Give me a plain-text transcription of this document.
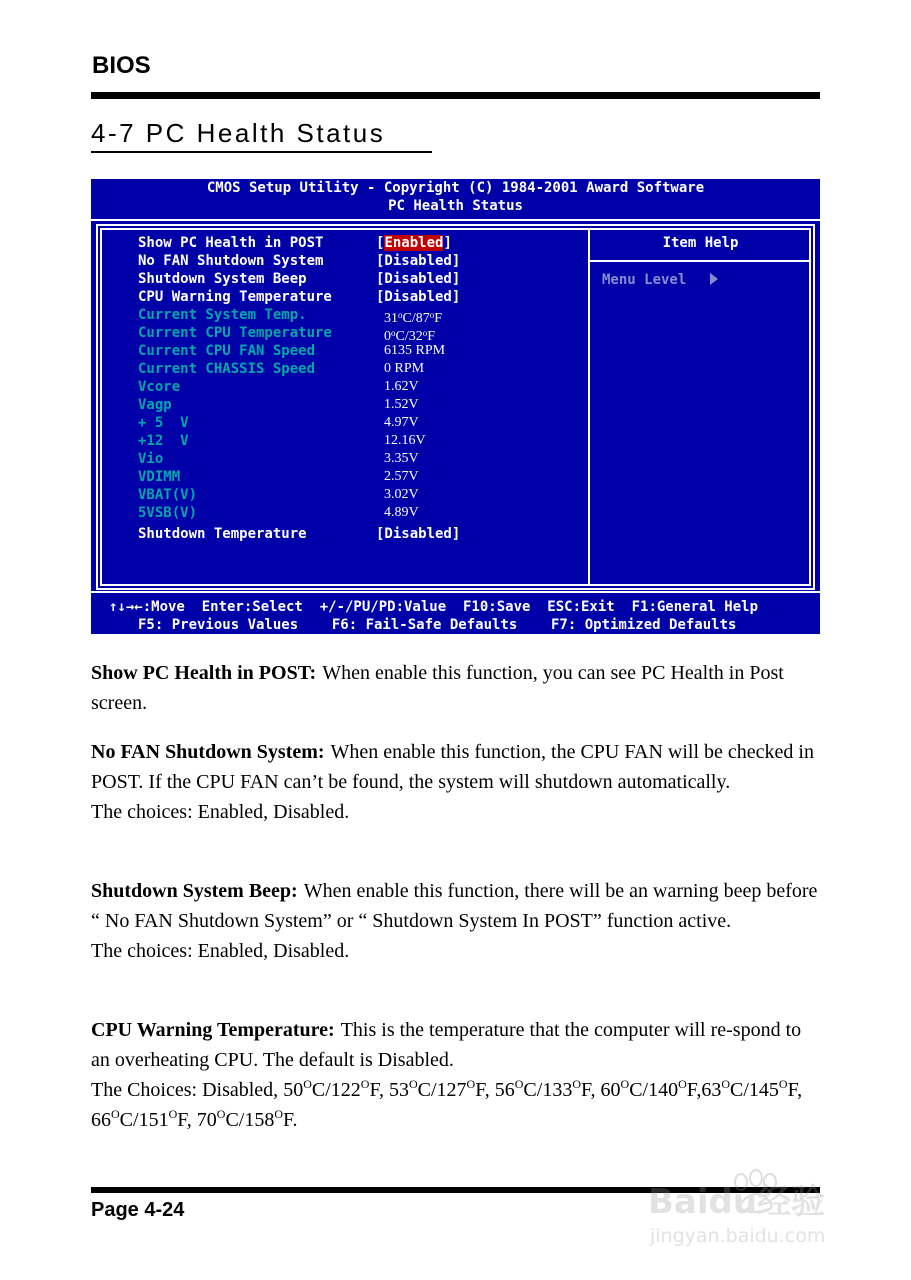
BIOS
4-7 PC Health Status
CMOS Setup Utility - Copyright (C) 1984-2001 Award Software
PC Health Status
Item Help
Menu Level
Show PC Health in POST	[Enabled]
No FAN Shutdown System	[Disabled]
Shutdown System Beep	[Disabled]
CPU Warning Temperature	[Disabled]
Current System Temp.	31$^o$C/87$^o$F
Current CPU Temperature	0$^o$C/32$^o$F
Current CPU FAN Speed	6135 RPM
Current CHASSIS Speed	0 RPM
Vcore	1.62V
Vagp	1.52V
+ 5  V	4.97V
+12  V	12.16V
Vio	3.35V
VDIMM	2.57V
VBAT(V)	3.02V
5VSB(V)	4.89V
Shutdown Temperature	[Disabled]
↑↓→←:Move  Enter:Select  +/-/PU/PD:Value  F10:Save  ESC:Exit  F1:General Help
F5: Previous Values    F6: Fail-Safe Defaults    F7: Optimized Defaults
Show PC Health in POST: When enable this function, you can see PC Health in Post screen.
No FAN Shutdown System: When enable this function, the CPU FAN will be checked in POST. If the CPU FAN can’t be found, the system will shutdown automatically.
The choices: Enabled, Disabled.
Shutdown System Beep: When enable this function, there will be an warning beep before “ No FAN Shutdown System” or “ Shutdown System In POST” function active.
The choices: Enabled, Disabled.
CPU Warning Temperature: This is the temperature that the computer will re-spond to an overheating CPU. The default is Disabled.
The Choices: Disabled, $50^OC/122^OF$, $53^OC/127^OF$, $56^OC/133^OF$, $60^OC/140^OF,63^OC/145^OF$, $66^OC/151^OF$, $70^OC/158^OF$.
Page 4-24	Baidu经验
jingyan.baidu.com
